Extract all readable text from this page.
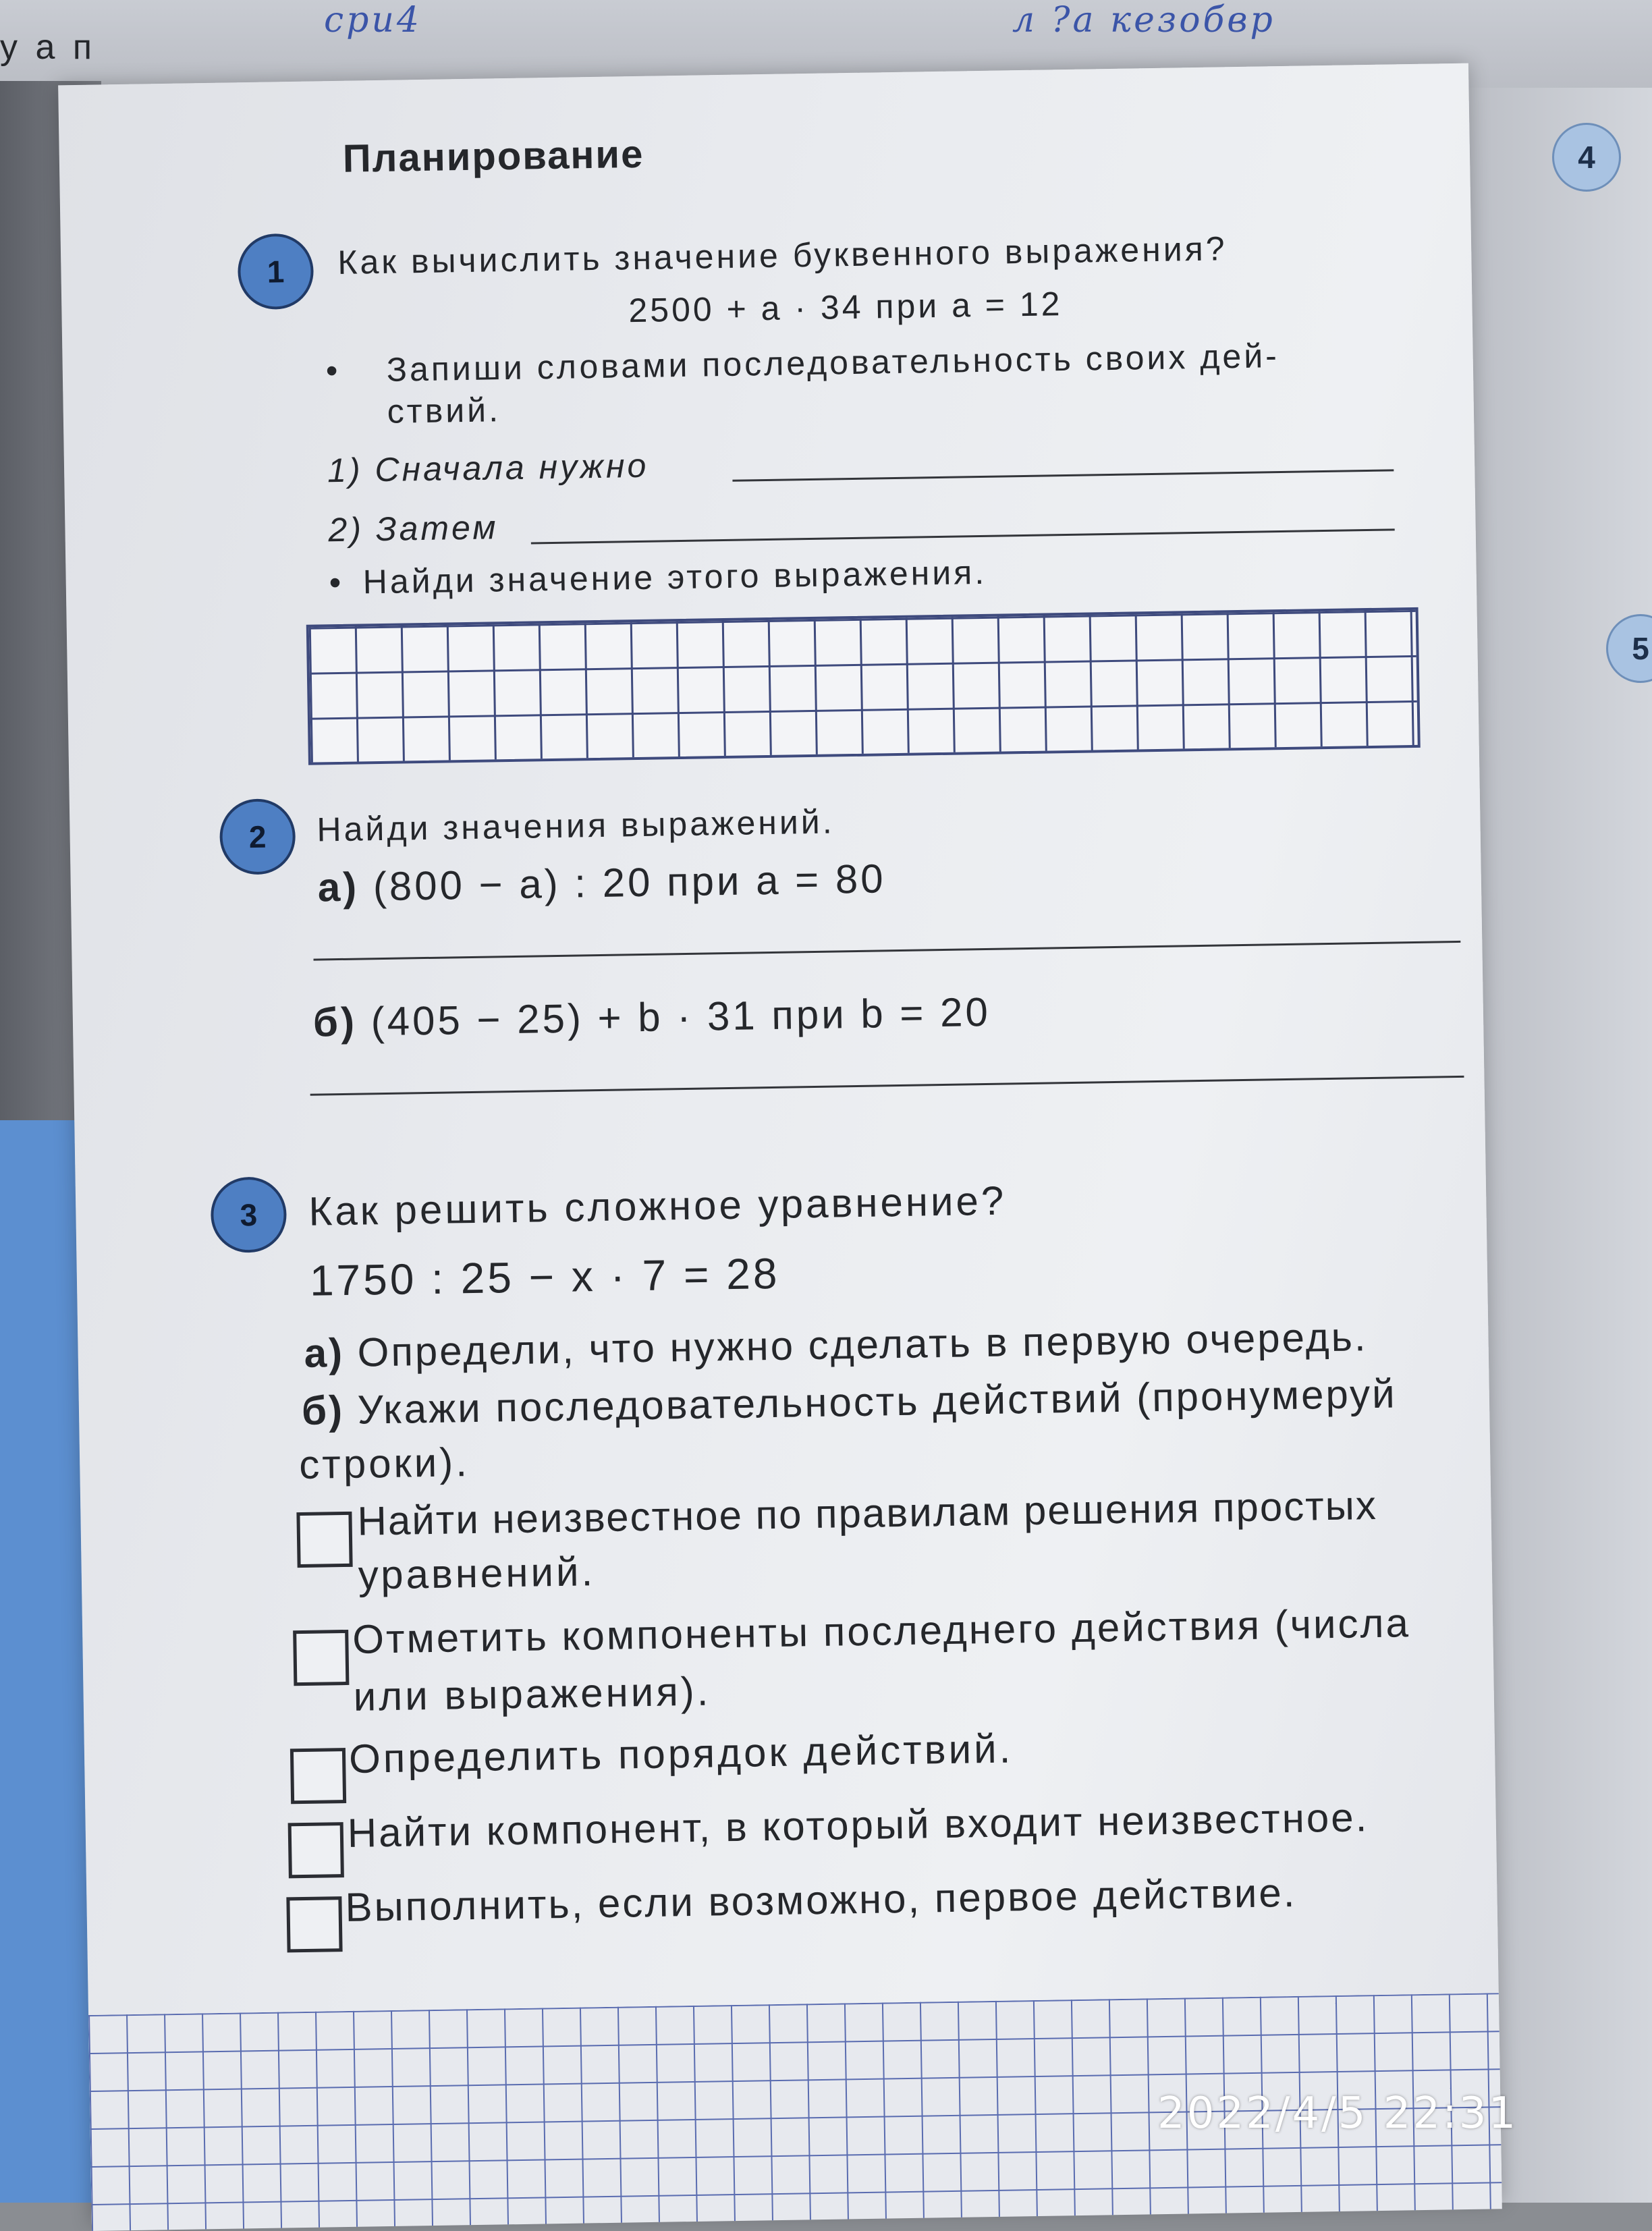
у а п
сри4	л ?а кезобвр
4
5
Планирование
1	Как вычислить значение буквенного выражения?
2500 + а · 34 при а = 12
• Запиши словами последовательность своих дей-
ствий.
1) Сначала нужно
2) Затем
• Найди значение этого выражения.
2	Найди значения выражений.
а) (800 − а) : 20 при а = 80
б) (405 − 25) + b · 31 при b = 20
3	Как решить сложное уравнение?
1750 : 25 − x · 7 = 28
а) Определи, что нужно сделать в первую очередь.
б) Укажи последовательность действий (пронумеруй
строки).
Найти неизвестное по правилам решения простых
уравнений.
Отметить компоненты последнего действия (числа
или выражения).
Определить порядок действий.
Найти компонент, в который входит неизвестное.
Выполнить, если возможно, первое действие.
2022/4/5 22:31
